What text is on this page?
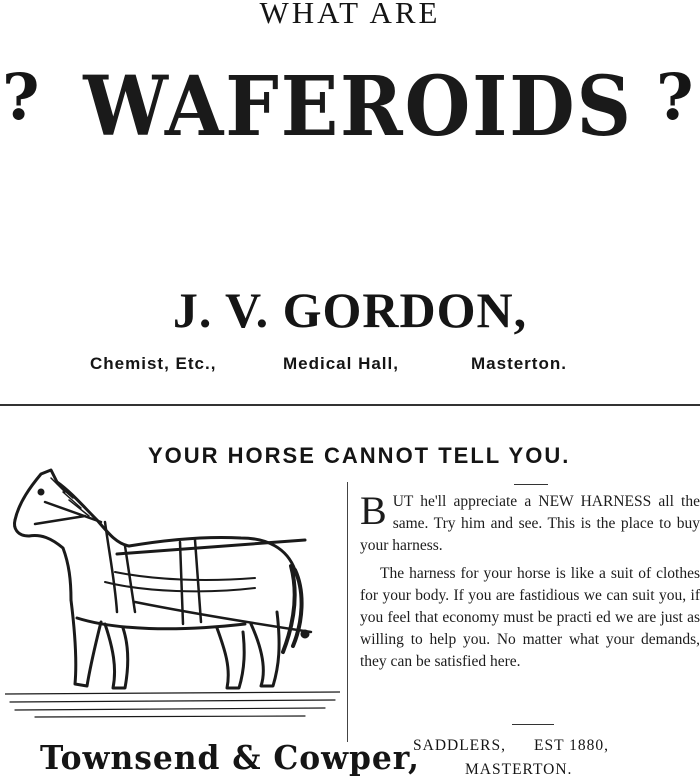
WHAT ARE
? WAFEROIDS ?
J. V. GORDON,
Chemist, Etc.,	Medical Hall,	Masterton.
YOUR HORSE CANNOT TELL YOU.

BUT he'll appreciate a NEW HARNESS all the same. Try him and see. This is the place to buy your harness.

The harness for your horse is like a suit of clothes for your body. If you are fastidious we can suit you, if you feel that economy must be practi ed we are just as willing to help you. No matter what your demands, they can be satisfied here.

Townsend & Cowper,
SADDLERS, EST 1880,
MASTERTON.
